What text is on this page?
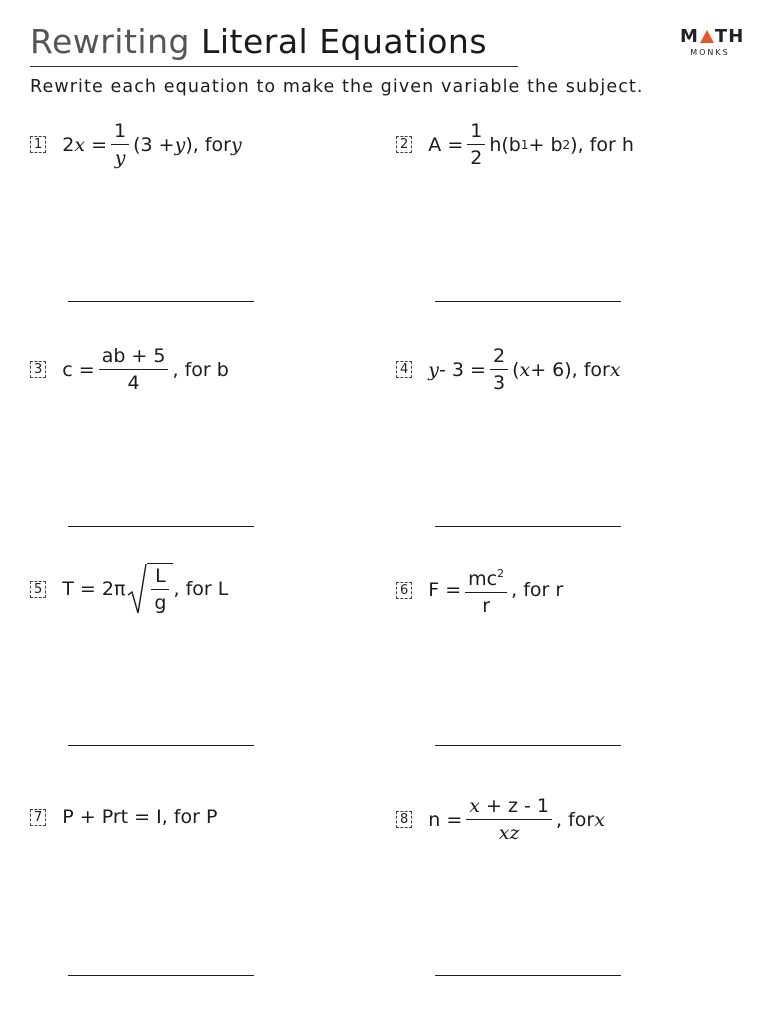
Rewriting Literal Equations	M TH
MONKS

Rewrite each equation to make the given variable the subject.

1 2 $x = \frac{1}{y} (3 + y$ ), for y	2 $A = \frac{1}{2} h(b$ 1 + b 2 ), for h
3 $c = \frac{ab + 5}{4}$ , for b	4 $y - 3 = \frac{2}{3}$ ( x + 6), for x
5 $T = 2\pi \frac{L}{g}$ , for L	6 $F = \frac{mc^2}{r}$ , for r
7 P + Prt = I, for P	8 $n = \frac{x + z - 1}{xz}$ , for x
